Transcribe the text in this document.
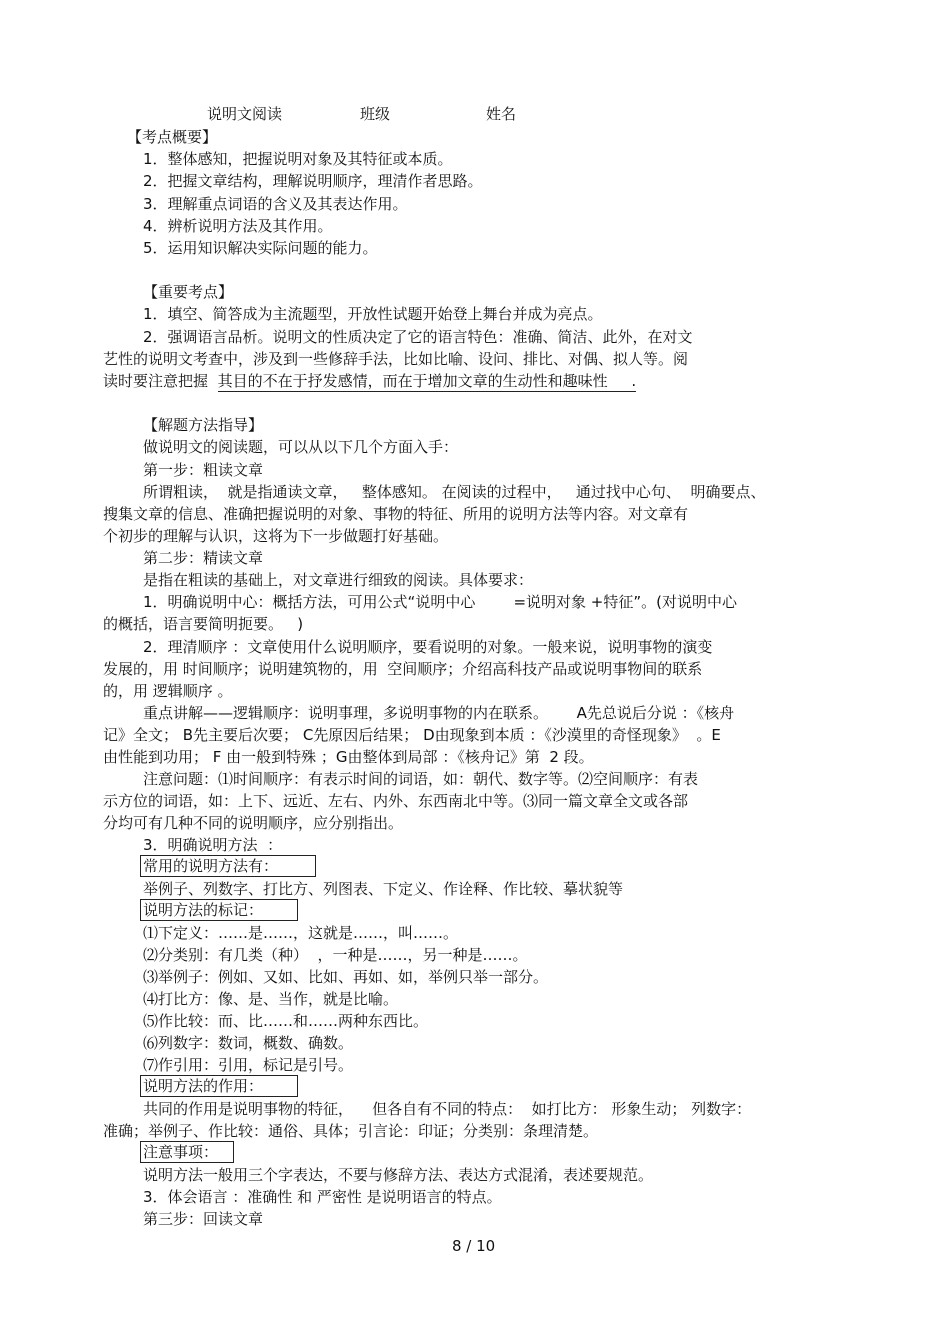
说明文阅读	班级	姓名
【考点概要】
1．整体感知，把握说明对象及其特征或本质。
2．把握文章结构，理解说明顺序，理清作者思路。
3．理解重点词语的含义及其表达作用。
4．辨析说明方法及其作用。
5．运用知识解决实际问题的能力。
【重要考点】
1．填空、简答成为主流题型，开放性试题开始登上舞台并成为亮点。
2．强调语言品析。说明文的性质决定了它的语言特色：准确、简洁、此外，在对文
艺性的说明文考查中，涉及到一些修辞手法，比如比喻、设问、排比、对偶、拟人等。阅
读时要注意把握 其目的不在于抒发感情，而在于增加文章的生动性和趣味性     .
【解题方法指导】
做说明文的阅读题，可以从以下几个方面入手：
第一步：粗读文章
所谓粗读，  就是指通读文章，   整体感知。 在阅读的过程中，   通过找中心句、  明确要点、
搜集文章的信息、准确把握说明的对象、事物的特征、所用的说明方法等内容。对文章有
个初步的理解与认识，这将为下一步做题打好基础。
第二步：精读文章
是指在粗读的基础上，对文章进行细致的阅读。具体要求：
1．明确说明中心：概括方法，可用公式“说明中心        =说明对象 +特征”。(对说明中心
的概括，语言要简明扼要。   )
2．理清顺序 ：文章使用什么说明顺序，要看说明的对象。一般来说，说明事物的演变
发展的，用 时间顺序；说明建筑物的，用  空间顺序；介绍高科技产品或说明事物间的联系
的，用 逻辑顺序 。
重点讲解——逻辑顺序：说明事理，多说明事物的内在联系。      A先总说后分说 ：《核舟
记》全文； B先主要后次要； C先原因后结果； D由现象到本质 ：《沙漠里的奇怪现象》  。E
由性能到功用； F 由一般到特殊 ；G由整体到局部 ：《核舟记》第  2 段。
注意问题：⑴时间顺序：有表示时间的词语，如：朝代、数字等。⑵空间顺序：有表
示方位的词语，如：上下、远近、左右、内外、东西南北中等。⑶同一篇文章全文或各部
分均可有几种不同的说明顺序，应分别指出。
3．明确说明方法  ：
常用的说明方法有：
举例子、列数字、打比方、列图表、下定义、作诠释、作比较、摹状貌等
说明方法的标记：
⑴下定义：……是……，这就是……，叫……。
⑵分类别：有几类（种）  ，一种是……，另一种是……。
⑶举例子：例如、又如、比如、再如、如，举例只举一部分。
⑷打比方：像、是、当作，就是比喻。
⑸作比较：而、比……和……两种东西比。
⑹列数字：数词，概数、确数。
⑺作引用：引用，标记是引号。
说明方法的作用：
共同的作用是说明事物的特征，    但各自有不同的特点：  如打比方： 形象生动； 列数字：
准确；举例子、作比较：通俗、具体；引言论：印证；分类别：条理清楚。
注意事项：
说明方法一般用三个字表达，不要与修辞方法、表达方式混淆，表述要规范。
3．体会语言 ：准确性 和 严密性 是说明语言的特点。
第三步：回读文章
8 / 10
